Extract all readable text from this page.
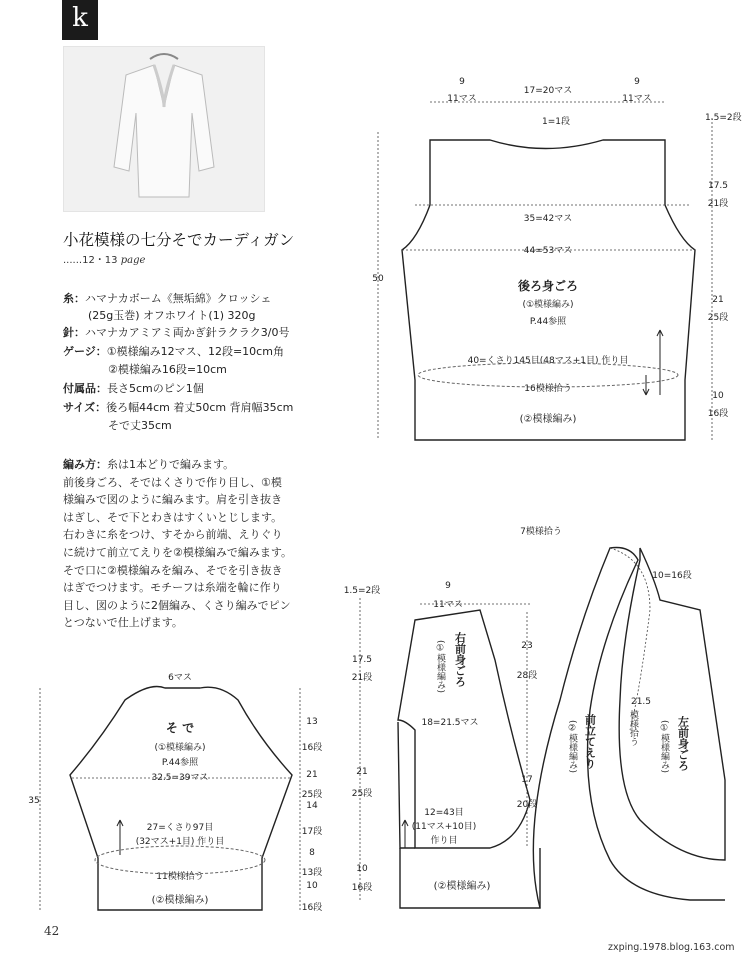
k
小花模様の七分そでカーディガン
......12・13 page
糸：ハマナカボーム《無垢綿》クロッシェ
(25g玉巻) オフホワイト(1) 320g
針：ハマナカアミアミ両かぎ針ラクラク3/0号
ゲージ：①模様編み12マス、12段=10cm角
②模様編み16段=10cm
付属品：長さ5cmのピン1個
サイズ：後ろ幅44cm 着丈50cm 背肩幅35cm
そで丈35cm
編み方：糸は1本どりで編みます。
前後身ごろ、そではくさりで作り目し、①模
様編みで図のように編みます。肩を引き抜き
はぎし、そで下とわきはすくいとじします。
右わきに糸をつけ、すそから前端、えりぐり
に続けて前立てえりを②模様編みで編みます。
そで口に②模様編みを編み、そでを引き抜き
はぎでつけます。モチーフは糸端を輪に作り
目し、図のように2個編み、くさり編みでピン
とつないで仕上げます。
42
zxping.1978.blog.163.com
9
11マス
17=20マス
9
11マス
1=1段	1.5=2段
17.5
21段
35=42マス
44=53マス
50	後ろ身ごろ
(①模様編み)
P.44参照
21
25段
40=くさり145目(48マス+1目) 作り目
16模様拾う
10
16段
(②模様編み)
6マス
そ で
(①模様編み)
P.44参照
32.5=39マス
35
13
16段
21
25段
14
17段
8
13段
10
16段
27=くさり97目
(32マス+1目) 作り目
11模様拾う
(②模様編み)
1.5=2段	9
11マス
17.5
21段	右前身ごろ
(①模様編み)
18=21.5マス
23
28段
21
25段
17
20段
10
16段
12=43目
(11マス+10目)
作り目
(②模様編み)
7模様拾う
10=16段
前立てえり
(②模様編み)
21.5
模様拾う	左前身ごろ
(①模様編み)
